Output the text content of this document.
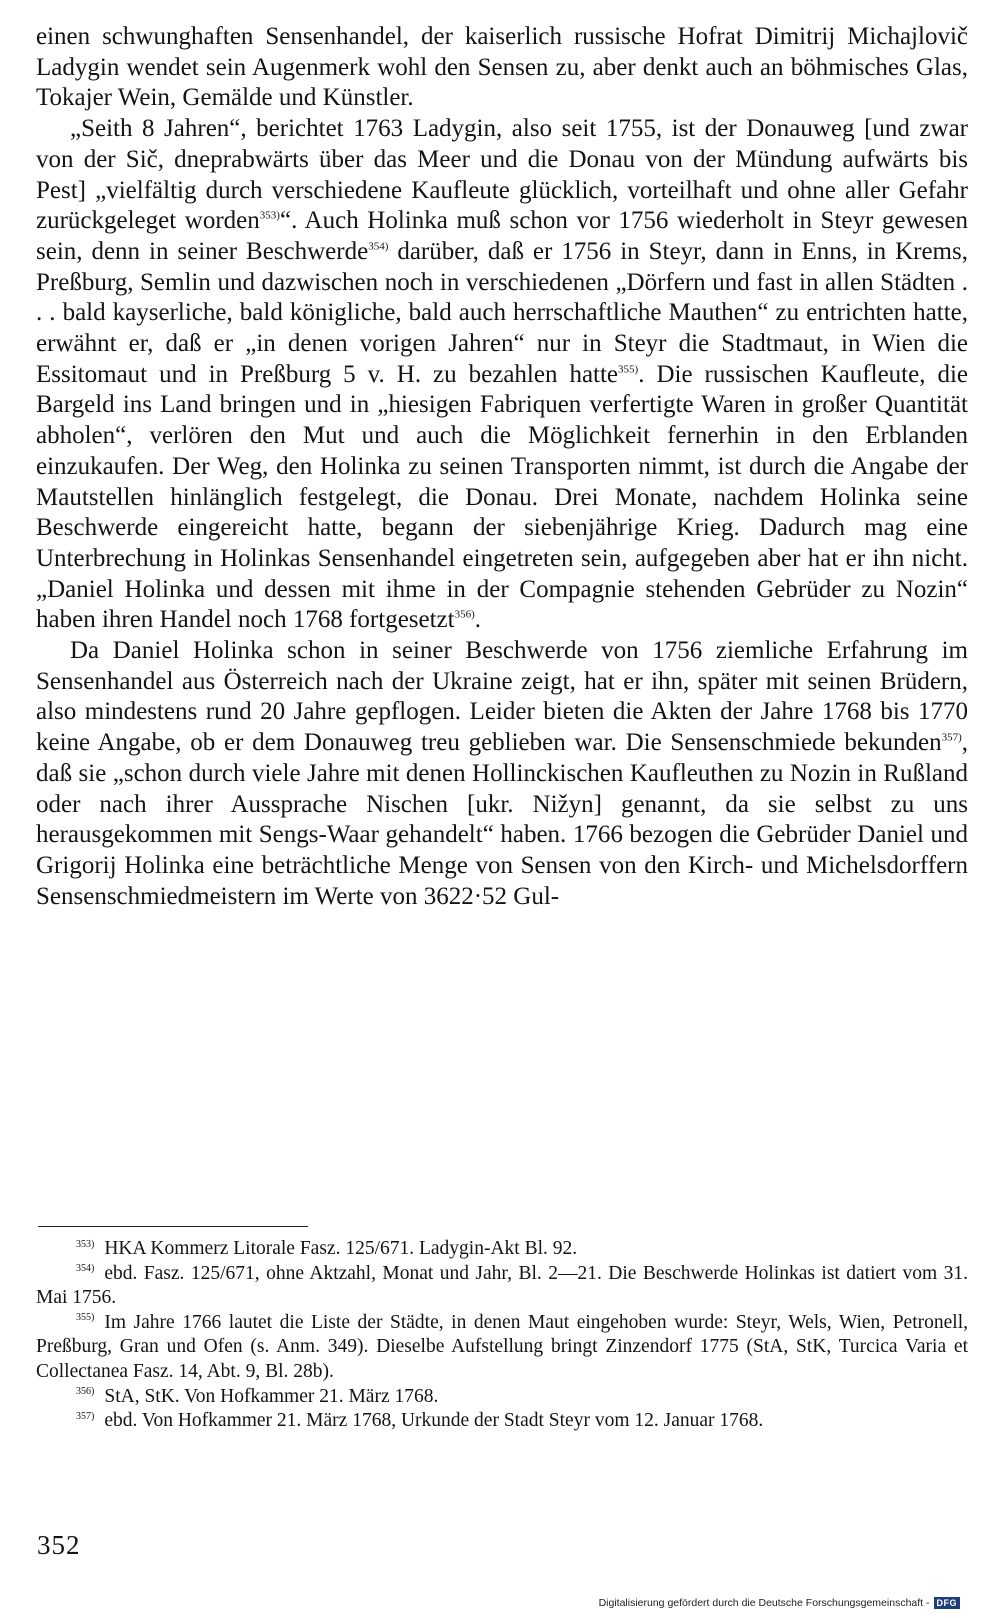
einen schwunghaften Sensenhandel, der kaiserlich russische Hofrat Dimitrij Michajlovič Ladygin wendet sein Augenmerk wohl den Sensen zu, aber denkt auch an böhmisches Glas, Tokajer Wein, Gemälde und Künstler.

„Seith 8 Jahren“, berichtet 1763 Ladygin, also seit 1755, ist der Donauweg [und zwar von der Sič, dneprabwärts über das Meer und die Donau von der Mündung aufwärts bis Pest] „vielfältig durch verschiedene Kaufleute glücklich, vorteilhaft und ohne aller Gefahr zurückgeleget worden$^{353)}$“. Auch Holinka muß schon vor 1756 wiederholt in Steyr gewesen sein, denn in seiner Beschwerde$^{354)}$ darüber, daß er 1756 in Steyr, dann in Enns, in Krems, Preßburg, Semlin und dazwischen noch in verschiedenen „Dörfern und fast in allen Städten . . . bald kayserliche, bald königliche, bald auch herrschaftliche Mauthen“ zu entrichten hatte, erwähnt er, daß er „in denen vorigen Jahren“ nur in Steyr die Stadtmaut, in Wien die Essitomaut und in Preßburg 5 v. H. zu bezahlen hatte$^{355)}$. Die russischen Kaufleute, die Bargeld ins Land bringen und in „hiesigen Fabriquen verfertigte Waren in großer Quantität abholen“, verlören den Mut und auch die Möglichkeit fernerhin in den Erblanden einzukaufen. Der Weg, den Holinka zu seinen Transporten nimmt, ist durch die Angabe der Mautstellen hinlänglich festgelegt, die Donau. Drei Monate, nachdem Holinka seine Beschwerde eingereicht hatte, begann der siebenjährige Krieg. Dadurch mag eine Unterbrechung in Holinkas Sensenhandel eingetreten sein, aufgegeben aber hat er ihn nicht. „Daniel Holinka und dessen mit ihme in der Compagnie stehenden Gebrüder zu Nozin“ haben ihren Handel noch 1768 fortgesetzt$^{356)}$.

Da Daniel Holinka schon in seiner Beschwerde von 1756 ziemliche Erfahrung im Sensenhandel aus Österreich nach der Ukraine zeigt, hat er ihn, später mit seinen Brüdern, also mindestens rund 20 Jahre gepflogen. Leider bieten die Akten der Jahre 1768 bis 1770 keine Angabe, ob er dem Donauweg treu geblieben war. Die Sensenschmiede bekunden$^{357)}$, daß sie „schon durch viele Jahre mit denen Hollinckischen Kaufleuthen zu Nozin in Rußland oder nach ihrer Aussprache Nischen [ukr. Nižyn] genannt, da sie selbst zu uns herausgekommen mit Sengs-Waar gehandelt“ haben. 1766 bezogen die Gebrüder Daniel und Grigorij Holinka eine beträchtliche Menge von Sensen von den Kirch- und Michelsdorffern Sensenschmiedmeistern im Werte von 3622·52 Gul-

$^{353)}$ HKA Kommerz Litorale Fasz. 125/671. Ladygin-Akt Bl. 92.

$^{354)}$ ebd. Fasz. 125/671, ohne Aktzahl, Monat und Jahr, Bl. 2—21. Die Beschwerde Holinkas ist datiert vom 31. Mai 1756.

$^{355)}$ Im Jahre 1766 lautet die Liste der Städte, in denen Maut eingehoben wurde: Steyr, Wels, Wien, Petronell, Preßburg, Gran und Ofen (s. Anm. 349). Dieselbe Aufstellung bringt Zinzendorf 1775 (StA, StK, Turcica Varia et Collectanea Fasz. 14, Abt. 9, Bl. 28b).

$^{356)}$ StA, StK. Von Hofkammer 21. März 1768.

$^{357)}$ ebd. Von Hofkammer 21. März 1768, Urkunde der Stadt Steyr vom 12. Januar 1768.

352
Digitalisierung gefördert durch die Deutsche Forschungsgemeinschaft - DFG
